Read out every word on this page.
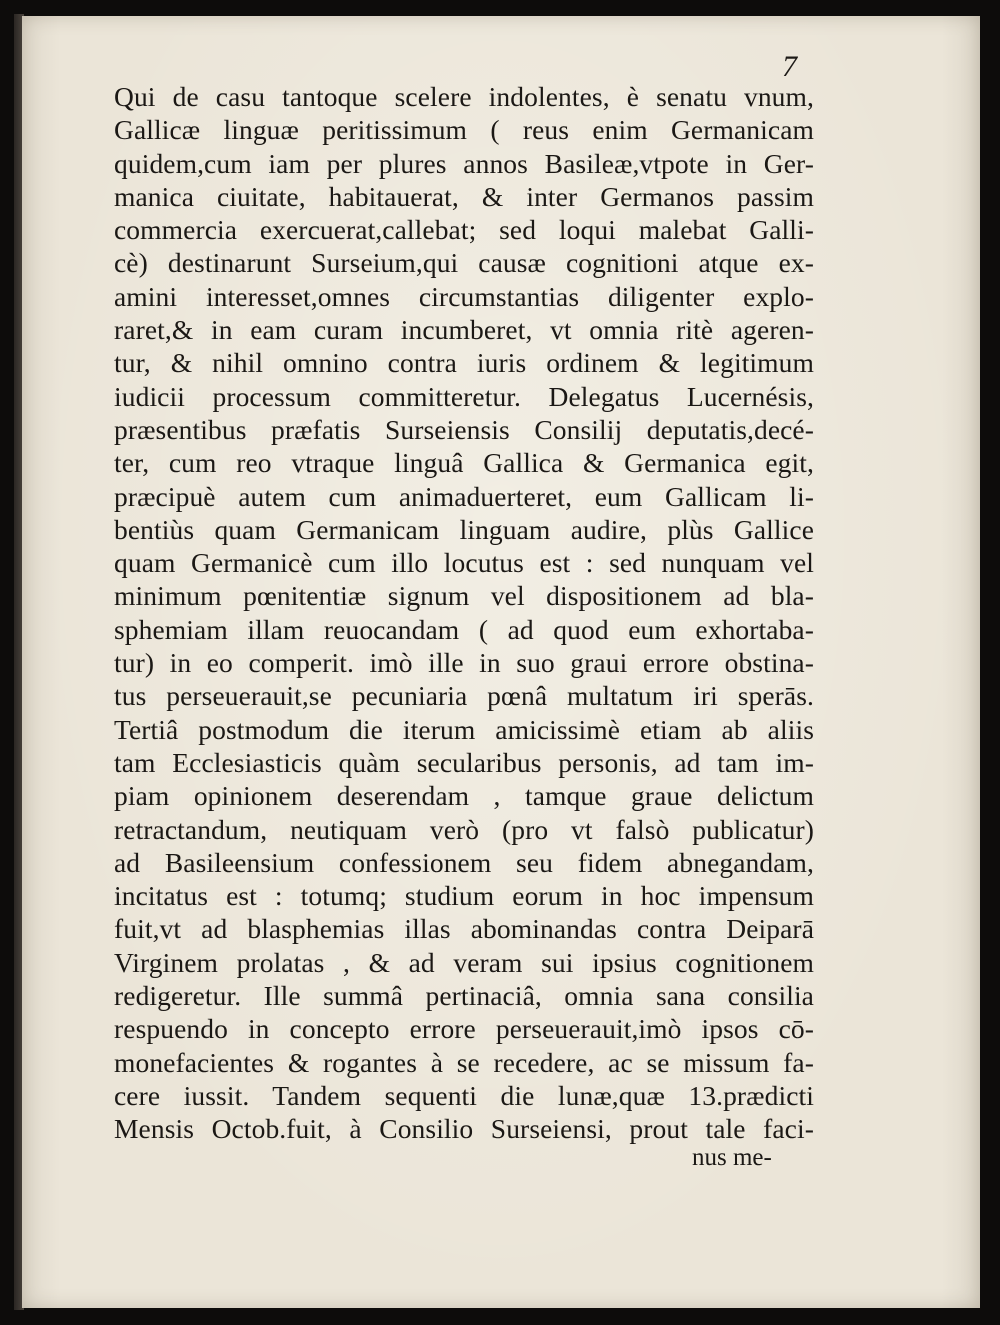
7
Qui de casu tantoque scelere indolentes, è senatu vnum,
Gallicæ linguæ peritissimum ( reus enim Germanicam
quidem,cum iam per plures annos Basileæ,vtpote in Ger-
manica ciuitate, habitauerat, & inter Germanos passim
commercia exercuerat,callebat; sed loqui malebat Galli-
cè) destinarunt Surseium,qui causæ cognitioni atque ex-
amini interesset,omnes circumstantias diligenter explo-
raret,& in eam curam incumberet, vt omnia ritè ageren-
tur, & nihil omnino contra iuris ordinem & legitimum
iudicii processum committeretur. Delegatus Lucernésis,
præsentibus præfatis Surseiensis Consilij deputatis,decé-
ter, cum reo vtraque linguâ Gallica & Germanica egit,
præcipuè autem cum animaduerteret, eum Gallicam li-
bentiùs quam Germanicam linguam audire, plùs Gallice
quam Germanicè cum illo locutus est : sed nunquam vel
minimum pœnitentiæ signum vel dispositionem ad bla-
sphemiam illam reuocandam ( ad quod eum exhortaba-
tur) in eo comperit. imò ille in suo graui errore obstina-
tus perseuerauit,se pecuniaria pœnâ multatum iri sperās.
Tertiâ postmodum die iterum amicissimè etiam ab aliis
tam Ecclesiasticis quàm secularibus personis, ad tam im-
piam opinionem deserendam , tamque graue delictum
retractandum, neutiquam verò (pro vt falsò publicatur)
ad Basileensium confessionem seu fidem abnegandam,
incitatus est : totumq; studium eorum in hoc impensum
fuit,vt ad blasphemias illas abominandas contra Deiparā
Virginem prolatas , & ad veram sui ipsius cognitionem
redigeretur. Ille summâ pertinaciâ, omnia sana consilia
respuendo in concepto errore perseuerauit,imò ipsos cō-
monefacientes & rogantes à se recedere, ac se missum fa-
cere iussit. Tandem sequenti die lunæ,quæ 13.prædicti
Mensis Octob.fuit, à Consilio Surseiensi, prout tale faci-
nus me-
